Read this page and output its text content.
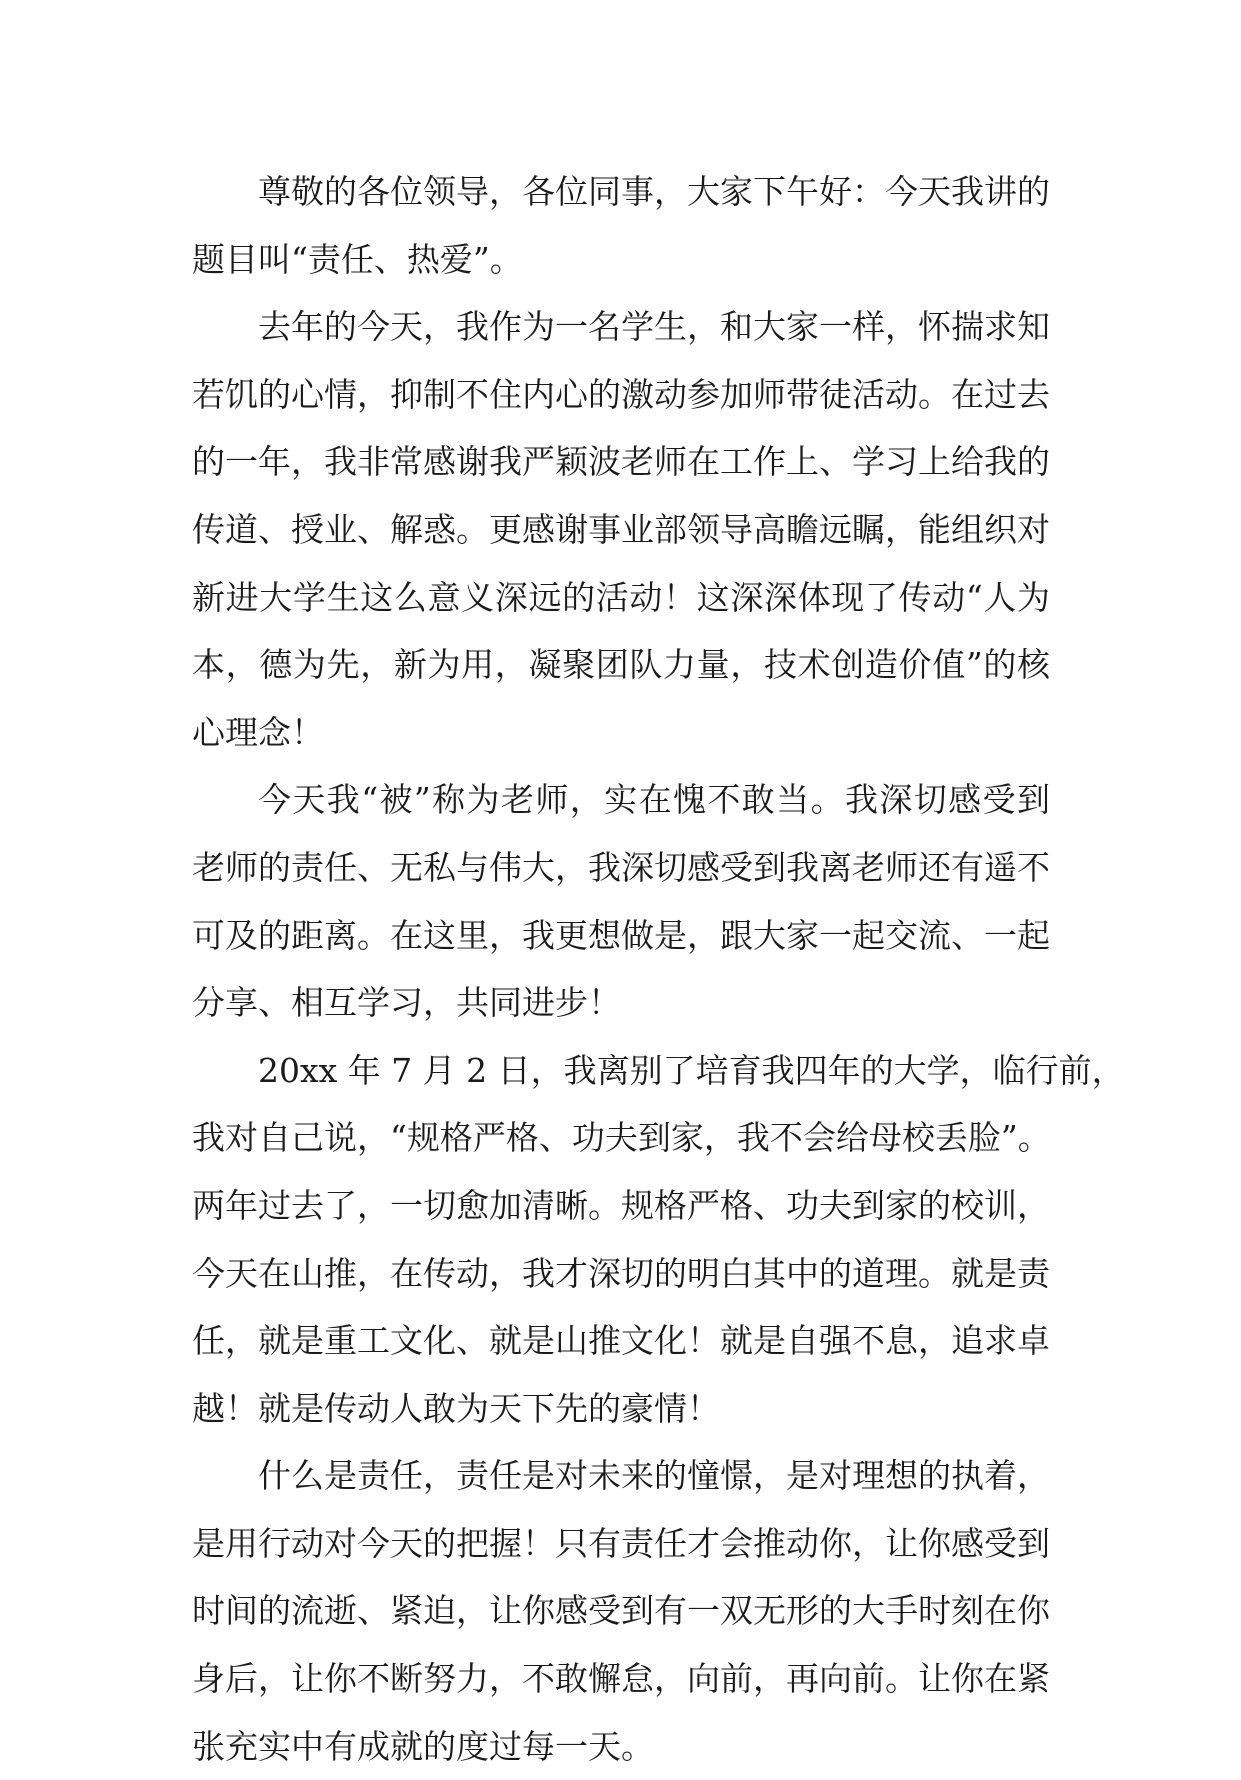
尊敬的各位领导，各位同事，大家下午好：今天我讲的
题目叫“责任、热爱”。
去年的今天，我作为一名学生，和大家一样，怀揣求知
若饥的心情，抑制不住内心的激动参加师带徒活动。在过去
的一年，我非常感谢我严颖波老师在工作上、学习上给我的
传道、授业、解惑。更感谢事业部领导高瞻远瞩，能组织对
新进大学生这么意义深远的活动！这深深体现了传动“人为
本，德为先，新为用，凝聚团队力量，技术创造价值”的核
心理念！
今天我“被”称为老师，实在愧不敢当。我深切感受到
老师的责任、无私与伟大，我深切感受到我离老师还有遥不
可及的距离。在这里，我更想做是，跟大家一起交流、一起
分享、相互学习，共同进步！
20xx 年 7 月 2 日，我离别了培育我四年的大学，临行前，
我对自己说，“规格严格、功夫到家，我不会给母校丢脸”。
两年过去了，一切愈加清晰。规格严格、功夫到家的校训，
今天在山推，在传动，我才深切的明白其中的道理。就是责
任，就是重工文化、就是山推文化！就是自强不息，追求卓
越！就是传动人敢为天下先的豪情！
什么是责任，责任是对未来的憧憬，是对理想的执着，
是用行动对今天的把握！只有责任才会推动你，让你感受到
时间的流逝、紧迫，让你感受到有一双无形的大手时刻在你
身后，让你不断努力，不敢懈怠，向前，再向前。让你在紧
张充实中有成就的度过每一天。
